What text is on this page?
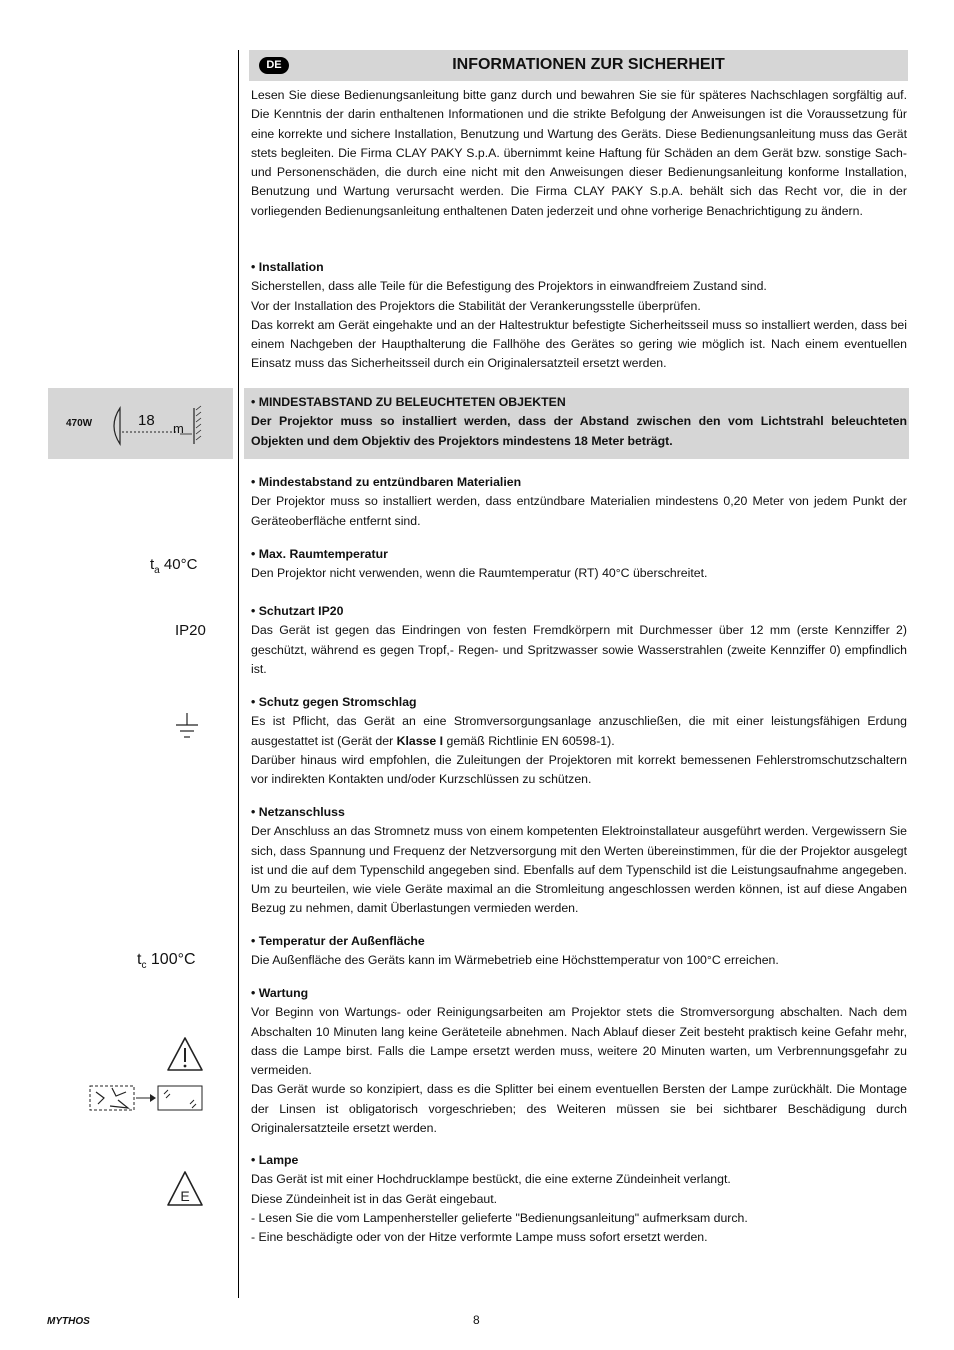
DE	INFORMATIONEN ZUR SICHERHEIT

Lesen Sie diese Bedienungsanleitung bitte ganz durch und bewahren Sie sie für späteres Nachschlagen sorgfältig auf. Die Kenntnis der darin enthaltenen Informationen und die strikte Befolgung der Anweisungen ist die Voraussetzung für eine korrekte und sichere Installation, Benutzung und Wartung des Geräts. Diese Bedienungsanleitung muss das Gerät stets begleiten. Die Firma CLAY PAKY S.p.A. übernimmt keine Haftung für Schäden an dem Gerät bzw. sonstige Sach- und Personenschäden, die durch eine nicht mit den Anweisungen dieser Bedienungsanleitung konforme Installation, Benutzung und Wartung verursacht werden. Die Firma CLAY PAKY S.p.A. behält sich das Recht vor, die in der vorliegenden Bedienungsanleitung enthaltenen Daten jederzeit und ohne vorherige Benachrichtigung zu ändern.

• Installation

Sicherstellen, dass alle Teile für die Befestigung des Projektors in einwandfreiem Zustand sind.

Vor der Installation des Projektors die Stabilität der Verankerungsstelle überprüfen.

Das korrekt am Gerät eingehakte und an der Haltestruktur befestigte Sicherheitsseil muss so installiert werden, dass bei einem Nachgeben der Haupthalterung die Fallhöhe des Gerätes so gering wie möglich ist. Nach einem eventuellen Einsatz muss das Sicherheitsseil durch ein Originalersatzteil ersetzt werden.

470W	18 m

• MINDESTABSTAND ZU BELEUCHTETEN OBJEKTEN

Der Projektor muss so installiert werden, dass der Abstand zwischen den vom Lichtstrahl beleuchteten Objekten und dem Objektiv des Projektors mindestens 18 Meter beträgt.

• Mindestabstand zu entzündbaren Materialien

Der Projektor muss so installiert werden, dass entzündbare Materialien mindestens 0,20 Meter von jedem Punkt der Geräteoberfläche entfernt sind.

$t_a$ 40°C

• Max. Raumtemperatur

Den Projektor nicht verwenden, wenn die Raumtemperatur (RT) 40°C überschreitet.

IP20

• Schutzart IP20

Das Gerät ist gegen das Eindringen von festen Fremdkörpern mit Durchmesser über 12 mm (erste Kennziffer 2) geschützt, während es gegen Tropf,- Regen- und Spritzwasser sowie Wasserstrahlen (zweite Kennziffer 0) empfindlich ist.

• Schutz gegen Stromschlag

Es ist Pflicht, das Gerät an eine Stromversorgungsanlage anzuschließen, die mit einer leistungsfähigen Erdung ausgestattet ist (Gerät der Klasse I gemäß Richtlinie EN 60598-1).

Darüber hinaus wird empfohlen, die Zuleitungen der Projektoren mit korrekt bemessenen Fehlerstromschutzschaltern vor indirekten Kontakten und/oder Kurzschlüssen zu schützen.

• Netzanschluss

Der Anschluss an das Stromnetz muss von einem kompetenten Elektroinstallateur ausgeführt werden. Vergewissern Sie sich, dass Spannung und Frequenz der Netzversorgung mit den Werten übereinstimmen, für die der Projektor ausgelegt ist und die auf dem Typenschild angegeben sind. Ebenfalls auf dem Typenschild ist die Leistungsaufnahme angegeben. Um zu beurteilen, wie viele Geräte maximal an die Stromleitung angeschlossen werden können, ist auf diese Angaben Bezug zu nehmen, damit Überlastungen vermieden werden.

$t_c$ 100°C

• Temperatur der Außenfläche

Die Außenfläche des Geräts kann im Wärmebetrieb eine Höchsttemperatur von 100°C erreichen.

• Wartung

Vor Beginn von Wartungs- oder Reinigungsarbeiten am Projektor stets die Stromversorgung abschalten. Nach dem Abschalten 10 Minuten lang keine Geräteteile abnehmen. Nach Ablauf dieser Zeit besteht praktisch keine Gefahr mehr, dass die Lampe birst. Falls die Lampe ersetzt werden muss, weitere 20 Minuten warten, um Verbrennungsgefahr zu vermeiden.

Das Gerät wurde so konzipiert, dass es die Splitter bei einem eventuellen Bersten der Lampe zurückhält. Die Montage der Linsen ist obligatorisch vorgeschrieben; des Weiteren müssen sie bei sichtbarer Beschädigung durch Originalersatzteile ersetzt werden.

E

• Lampe

Das Gerät ist mit einer Hochdrucklampe bestückt, die eine externe Zündeinheit verlangt.

Diese Zündeinheit ist in das Gerät eingebaut.

- Lesen Sie die vom Lampenhersteller gelieferte "Bedienungsanleitung" aufmerksam durch.

- Eine beschädigte oder von der Hitze verformte Lampe muss sofort ersetzt werden.

MYTHOS	8
